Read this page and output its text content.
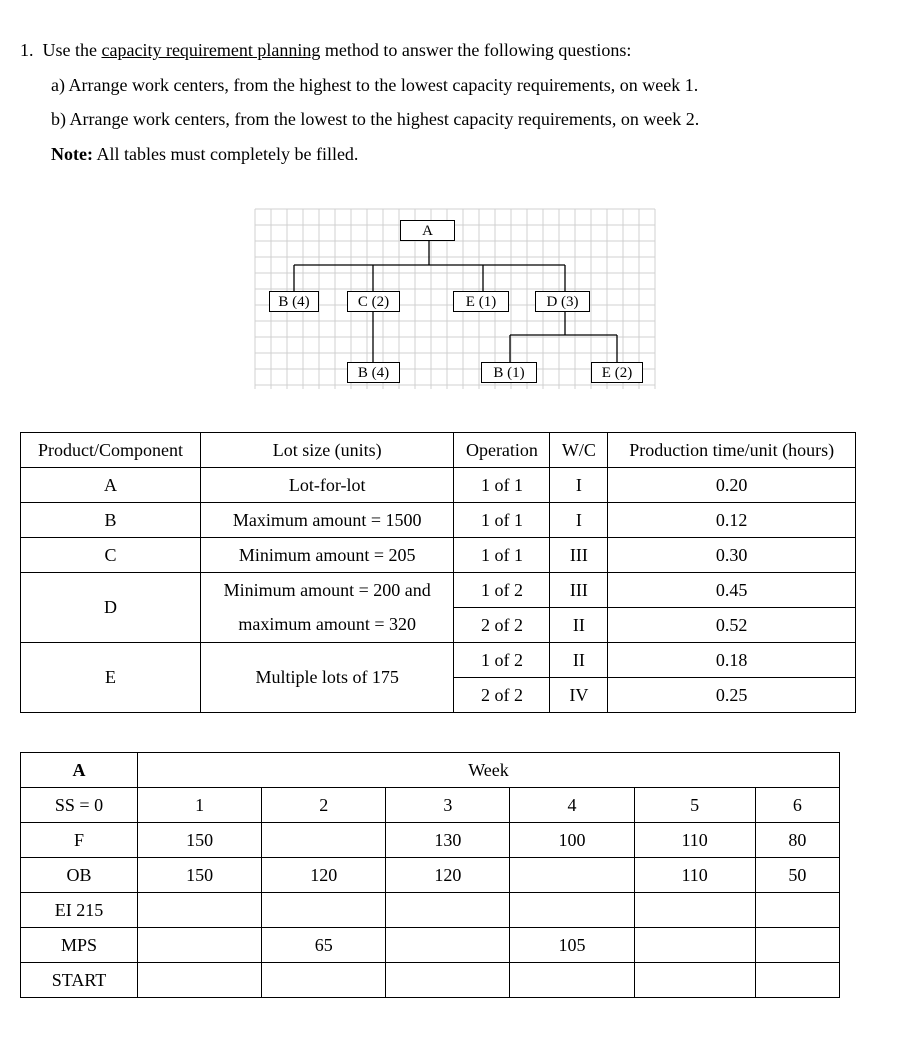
1. Use the capacity requirement planning method to answer the following questions:
a) Arrange work centers, from the highest to the lowest capacity requirements, on week 1.
b) Arrange work centers, from the lowest to the highest capacity requirements, on week 2.
Note: All tables must completely be filled.
A
B (4)	C (2)	E (1)	D (3)
B (4)	B (1)	E (2)
Product/Component	Lot size (units)	Operation	W/C	Production time/unit (hours)
A	Lot-for-lot	1 of 1	I	0.20
B	Maximum amount = 1500	1 of 1	I	0.12
C	Minimum amount = 205	1 of 1	III	0.30
D	Minimum amount = 200 and	1 of 2	III	0.45
	maximum amount = 320	2 of 2	II	0.52
E	Multiple lots of 175	1 of 2	II	0.18
		2 of 2	IV	0.25
A	Week					
SS = 0	1	2	3	4	5	6
F	150		130	100	110	80
OB	150	120	120		110	50
EI 215						
MPS		65		105		
START						
